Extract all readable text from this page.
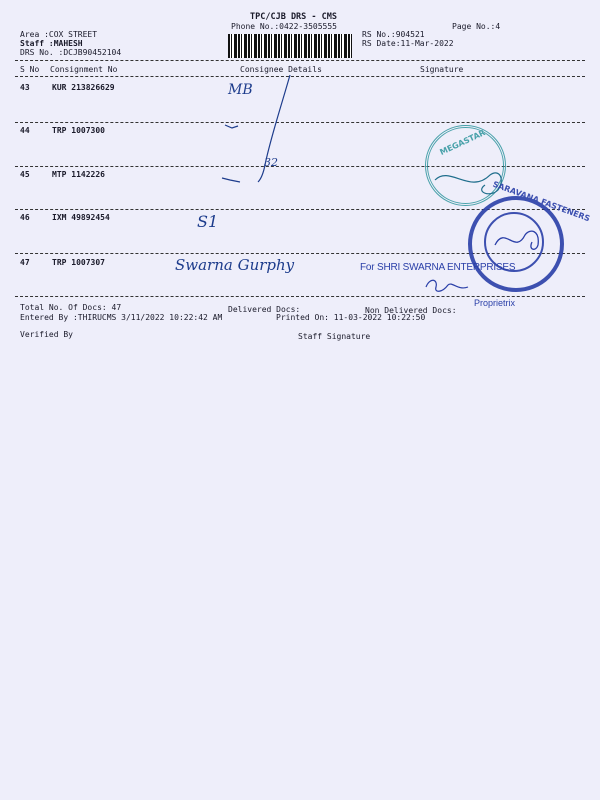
TPC/CJB DRS - CMS
Phone No.:0422-3505555	Page No.:4
Area :COX STREET
Staff :MAHESH
DRS No. :DCJB90452104
RS No.:904521
RS Date:11-Mar-2022
S No Consignment No	Consignee Details	Signature
43	KUR 213826629
44	TRP 1007300
45	MTP 1142226
46	IXM 49892454
47	TRP 1007307
MB
32
S1
Swarna Gurphy
MEGASTAR
SARAVANA FASTENERS
For SHRI SWARNA ENTERPRISES
Proprietrix
Total No. Of Docs: 47	Delivered Docs:	Non Delivered Docs:
Entered By :THIRUCMS 3/11/2022 10:22:42 AM	Printed On: 11-03-2022 10:22:50
Verified By	Staff Signature
